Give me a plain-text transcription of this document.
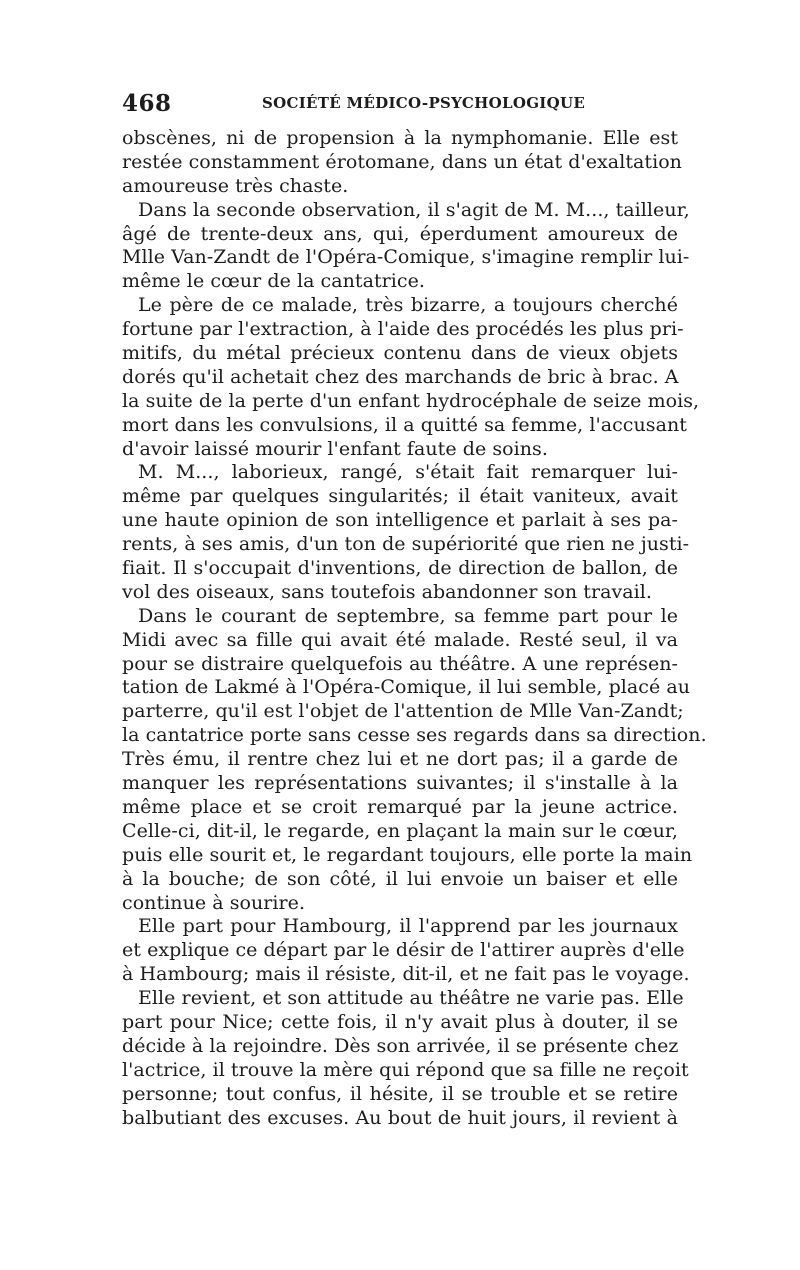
468	SOCIÉTÉ MÉDICO-PSYCHOLOGIQUE
obscènes, ni de propension à la nymphomanie. Elle est
restée constamment érotomane, dans un état d'exaltation
amoureuse très chaste.
Dans la seconde observation, il s'agit de M. M..., tailleur,
âgé de trente-deux ans, qui, éperdument amoureux de
Mlle Van-Zandt de l'Opéra-Comique, s'imagine remplir lui-
même le cœur de la cantatrice.
Le père de ce malade, très bizarre, a toujours cherché
fortune par l'extraction, à l'aide des procédés les plus pri-
mitifs, du métal précieux contenu dans de vieux objets
dorés qu'il achetait chez des marchands de bric à brac. A
la suite de la perte d'un enfant hydrocéphale de seize mois,
mort dans les convulsions, il a quitté sa femme, l'accusant
d'avoir laissé mourir l'enfant faute de soins.
M. M..., laborieux, rangé, s'était fait remarquer lui-
même par quelques singularités; il était vaniteux, avait
une haute opinion de son intelligence et parlait à ses pa-
rents, à ses amis, d'un ton de supériorité que rien ne justi-
fiait. Il s'occupait d'inventions, de direction de ballon, de
vol des oiseaux, sans toutefois abandonner son travail.
Dans le courant de septembre, sa femme part pour le
Midi avec sa fille qui avait été malade. Resté seul, il va
pour se distraire quelquefois au théâtre. A une représen-
tation de Lakmé à l'Opéra-Comique, il lui semble, placé au
parterre, qu'il est l'objet de l'attention de Mlle Van-Zandt;
la cantatrice porte sans cesse ses regards dans sa direction.
Très ému, il rentre chez lui et ne dort pas; il a garde de
manquer les représentations suivantes; il s'installe à la
même place et se croit remarqué par la jeune actrice.
Celle-ci, dit-il, le regarde, en plaçant la main sur le cœur,
puis elle sourit et, le regardant toujours, elle porte la main
à la bouche; de son côté, il lui envoie un baiser et elle
continue à sourire.
Elle part pour Hambourg, il l'apprend par les journaux
et explique ce départ par le désir de l'attirer auprès d'elle
à Hambourg; mais il résiste, dit-il, et ne fait pas le voyage.
Elle revient, et son attitude au théâtre ne varie pas. Elle
part pour Nice; cette fois, il n'y avait plus à douter, il se
décide à la rejoindre. Dès son arrivée, il se présente chez
l'actrice, il trouve la mère qui répond que sa fille ne reçoit
personne; tout confus, il hésite, il se trouble et se retire
balbutiant des excuses. Au bout de huit jours, il revient à
